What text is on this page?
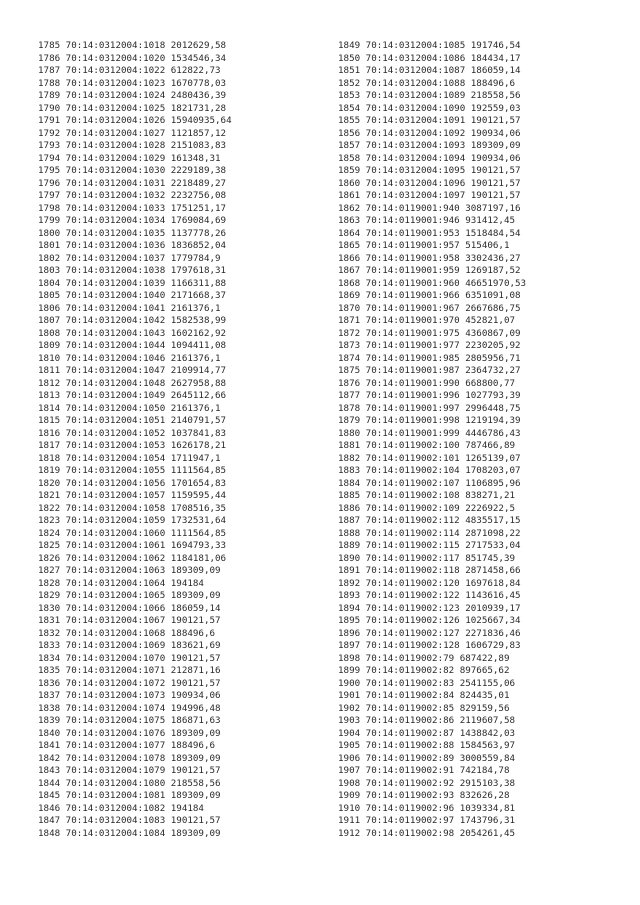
1785 70:14:0312004:1018 2012629,58
1786 70:14:0312004:1020 1534546,34
1787 70:14:0312004:1022 612822,73
1788 70:14:0312004:1023 1670778,03
1789 70:14:0312004:1024 2480436,39
1790 70:14:0312004:1025 1821731,28
1791 70:14:0312004:1026 15940935,64
1792 70:14:0312004:1027 1121857,12
1793 70:14:0312004:1028 2151083,83
1794 70:14:0312004:1029 161348,31
1795 70:14:0312004:1030 2229189,38
1796 70:14:0312004:1031 2218489,27
1797 70:14:0312004:1032 2232756,08
1798 70:14:0312004:1033 1751251,17
1799 70:14:0312004:1034 1769084,69
1800 70:14:0312004:1035 1137778,26
1801 70:14:0312004:1036 1836852,04
1802 70:14:0312004:1037 1779784,9
1803 70:14:0312004:1038 1797618,31
1804 70:14:0312004:1039 1166311,88
1805 70:14:0312004:1040 2171668,37
1806 70:14:0312004:1041 2161376,1
1807 70:14:0312004:1042 1582538,99
1808 70:14:0312004:1043 1602162,92
1809 70:14:0312004:1044 1094411,08
1810 70:14:0312004:1046 2161376,1
1811 70:14:0312004:1047 2109914,77
1812 70:14:0312004:1048 2627958,88
1813 70:14:0312004:1049 2645112,66
1814 70:14:0312004:1050 2161376,1
1815 70:14:0312004:1051 2140791,57
1816 70:14:0312004:1052 1037841,83
1817 70:14:0312004:1053 1626178,21
1818 70:14:0312004:1054 1711947,1
1819 70:14:0312004:1055 1111564,85
1820 70:14:0312004:1056 1701654,83
1821 70:14:0312004:1057 1159595,44
1822 70:14:0312004:1058 1708516,35
1823 70:14:0312004:1059 1732531,64
1824 70:14:0312004:1060 1111564,85
1825 70:14:0312004:1061 1694793,33
1826 70:14:0312004:1062 1184181,06
1827 70:14:0312004:1063 189309,09
1828 70:14:0312004:1064 194184
1829 70:14:0312004:1065 189309,09
1830 70:14:0312004:1066 186059,14
1831 70:14:0312004:1067 190121,57
1832 70:14:0312004:1068 188496,6
1833 70:14:0312004:1069 183621,69
1834 70:14:0312004:1070 190121,57
1835 70:14:0312004:1071 212871,16
1836 70:14:0312004:1072 190121,57
1837 70:14:0312004:1073 190934,06
1838 70:14:0312004:1074 194996,48
1839 70:14:0312004:1075 186871,63
1840 70:14:0312004:1076 189309,09
1841 70:14:0312004:1077 188496,6
1842 70:14:0312004:1078 189309,09
1843 70:14:0312004:1079 190121,57
1844 70:14:0312004:1080 218558,56
1845 70:14:0312004:1081 189309,09
1846 70:14:0312004:1082 194184
1847 70:14:0312004:1083 190121,57
1848 70:14:0312004:1084 189309,09
1849 70:14:0312004:1085 191746,54
1850 70:14:0312004:1086 184434,17
1851 70:14:0312004:1087 186059,14
1852 70:14:0312004:1088 188496,6
1853 70:14:0312004:1089 218558,56
1854 70:14:0312004:1090 192559,03
1855 70:14:0312004:1091 190121,57
1856 70:14:0312004:1092 190934,06
1857 70:14:0312004:1093 189309,09
1858 70:14:0312004:1094 190934,06
1859 70:14:0312004:1095 190121,57
1860 70:14:0312004:1096 190121,57
1861 70:14:0312004:1097 190121,57
1862 70:14:0119001:940 3087197,16
1863 70:14:0119001:946 931412,45
1864 70:14:0119001:953 1518484,54
1865 70:14:0119001:957 515406,1
1866 70:14:0119001:958 3302436,27
1867 70:14:0119001:959 1269187,52
1868 70:14:0119001:960 46651970,53
1869 70:14:0119001:966 6351091,08
1870 70:14:0119001:967 2667686,75
1871 70:14:0119001:970 452821,07
1872 70:14:0119001:975 4360867,09
1873 70:14:0119001:977 2230205,92
1874 70:14:0119001:985 2805956,71
1875 70:14:0119001:987 2364732,27
1876 70:14:0119001:990 668800,77
1877 70:14:0119001:996 1027793,39
1878 70:14:0119001:997 2996448,75
1879 70:14:0119001:998 1219194,39
1880 70:14:0119001:999 4446786,43
1881 70:14:0119002:100 787466,89
1882 70:14:0119002:101 1265139,07
1883 70:14:0119002:104 1708203,07
1884 70:14:0119002:107 1106895,96
1885 70:14:0119002:108 838271,21
1886 70:14:0119002:109 2226922,5
1887 70:14:0119002:112 4835517,15
1888 70:14:0119002:114 2871098,22
1889 70:14:0119002:115 2717533,04
1890 70:14:0119002:117 851745,39
1891 70:14:0119002:118 2871458,66
1892 70:14:0119002:120 1697618,84
1893 70:14:0119002:122 1143616,45
1894 70:14:0119002:123 2010939,17
1895 70:14:0119002:126 1025667,34
1896 70:14:0119002:127 2271836,46
1897 70:14:0119002:128 1606729,83
1898 70:14:0119002:79 687422,89
1899 70:14:0119002:82 897665,62
1900 70:14:0119002:83 2541155,06
1901 70:14:0119002:84 824435,01
1902 70:14:0119002:85 829159,56
1903 70:14:0119002:86 2119607,58
1904 70:14:0119002:87 1438842,03
1905 70:14:0119002:88 1584563,97
1906 70:14:0119002:89 3000559,84
1907 70:14:0119002:91 742184,78
1908 70:14:0119002:92 2915103,38
1909 70:14:0119002:93 832626,28
1910 70:14:0119002:96 1039334,81
1911 70:14:0119002:97 1743796,31
1912 70:14:0119002:98 2054261,45
